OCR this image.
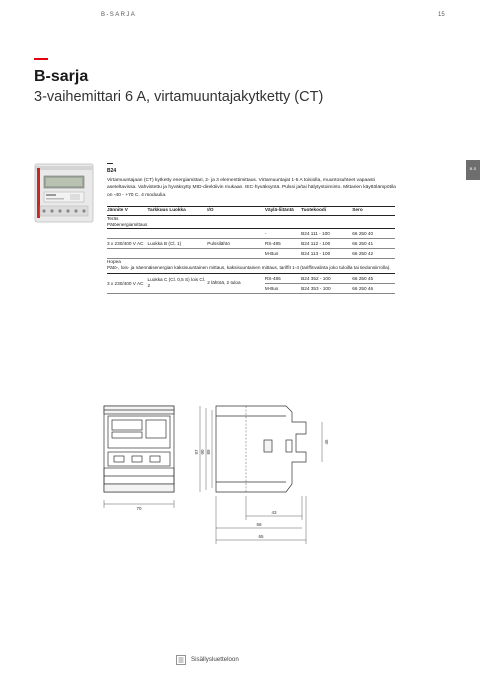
B-SARJA	15
B-S
B-sarja
3-vaihemittari 6 A, virtamuuntajakytketty (CT)
B24
Virtamuuntajaan (CT) kytketty energiamittari, 2- ja 3 elementtimittaus. Virtamuuntajat 1-5 A toisiolla, muuntosuhteet vapaasti aseteltavissa. Vahvistettu ja hyväksytty MID-direktiivin mukaan. IEC-hyväksyntä. Pulssi ja/tai hälytystoiminto. Mittarien käyttölämpötila on -40 - +70 C. 4 moduulia.
Jännite V	Tarkkuus Luokka	I/O	Väylä-liitäntä	Tuotekoodi	Sero
Teräs					
Pätöenergiamittaus					
			-	B24 111 - 100	66 250 40
3 x 230/400 V AC	Luokka B (Cl. 1)	Pulssilähtö	RS-485	B24 112 - 100	66 250 41
			M-Bus	B24 113 - 100	66 250 42
Hopea					
Pätö-, lois- ja näennäisenergian kaksisuuntainen mittaus, kaksisuuntainen mittaus, tariffit 1-4 (tariffinvalinta joko tuloilla tai tiedonsiirrolla).					
3 x 230/400 V AC	Luokka C (Cl. 0,5 S) lois Cl. 2	2 lähtöä, 2 tuloa	RS-485	B24 352 - 100	66 250 45
			M-Bus	B24 353 - 100	66 250 46
70
97 90 89
45
43
58
65
Sisällysluetteloon
